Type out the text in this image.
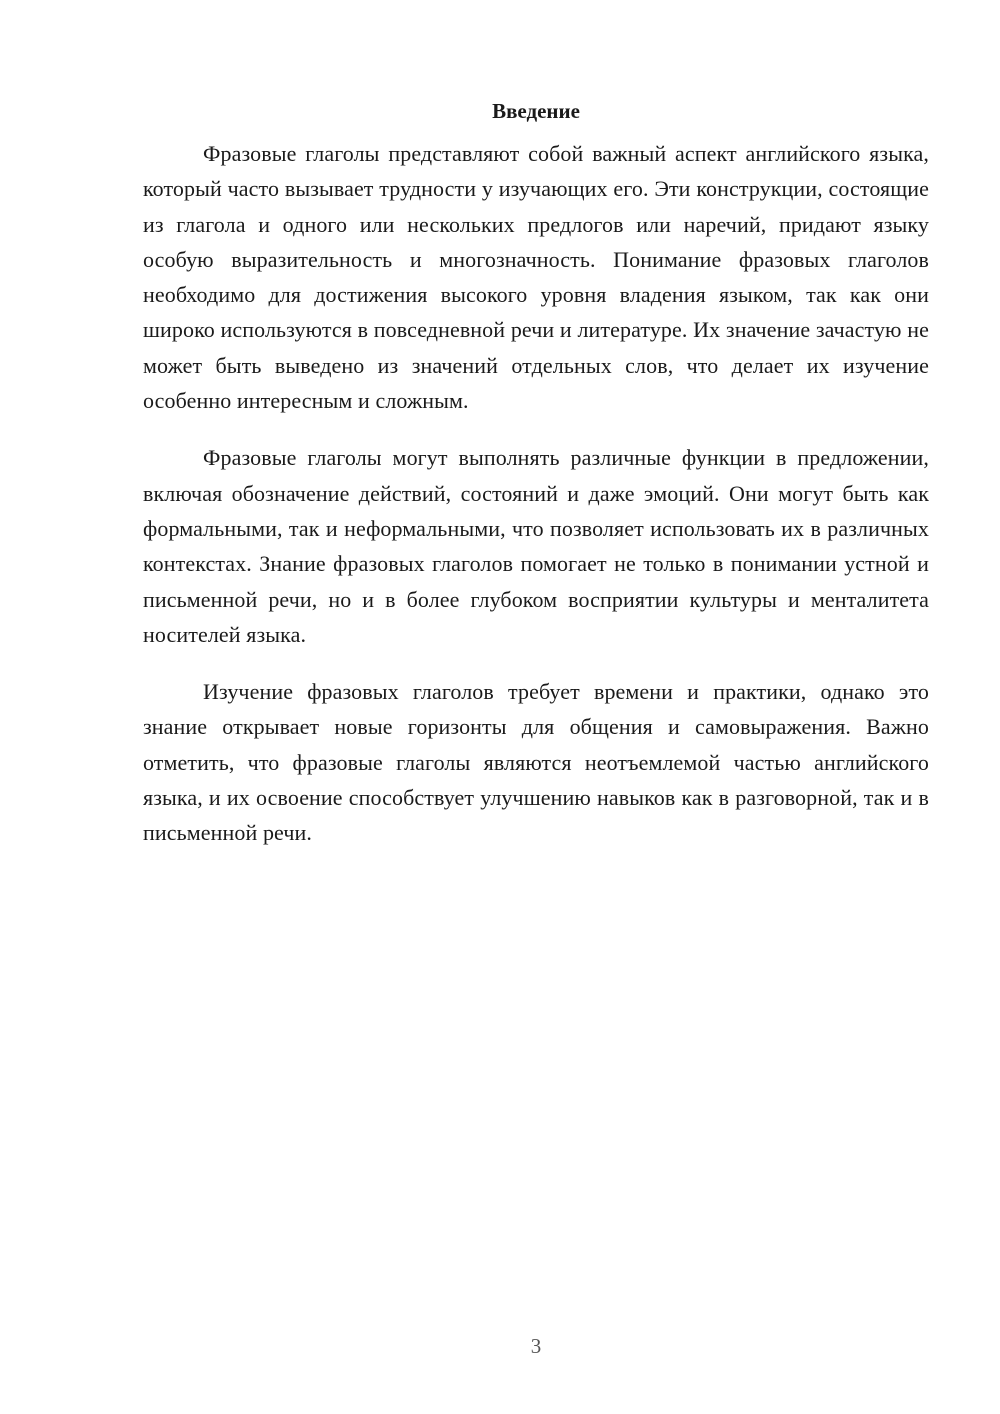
Введение

Фразовые глаголы представляют собой важный аспект английского языка, который часто вызывает трудности у изучающих его. Эти конструкции, состоящие из глагола и одного или нескольких предлогов или наречий, придают языку особую выразительность и многозначность. Понимание фразовых глаголов необходимо для достижения высокого уровня владения языком, так как они широко используются в повседневной речи и литературе. Их значение зачастую не может быть выведено из значений отдельных слов, что делает их изучение особенно интересным и сложным.

Фразовые глаголы могут выполнять различные функции в предложении, включая обозначение действий, состояний и даже эмоций. Они могут быть как формальными, так и неформальными, что позволяет использовать их в различных контекстах. Знание фразовых глаголов помогает не только в понимании устной и письменной речи, но и в более глубоком восприятии культуры и менталитета носителей языка.

Изучение фразовых глаголов требует времени и практики, однако это знание открывает новые горизонты для общения и самовыражения. Важно отметить, что фразовые глаголы являются неотъемлемой частью английского языка, и их освоение способствует улучшению навыков как в разговорной, так и в письменной речи.

3
